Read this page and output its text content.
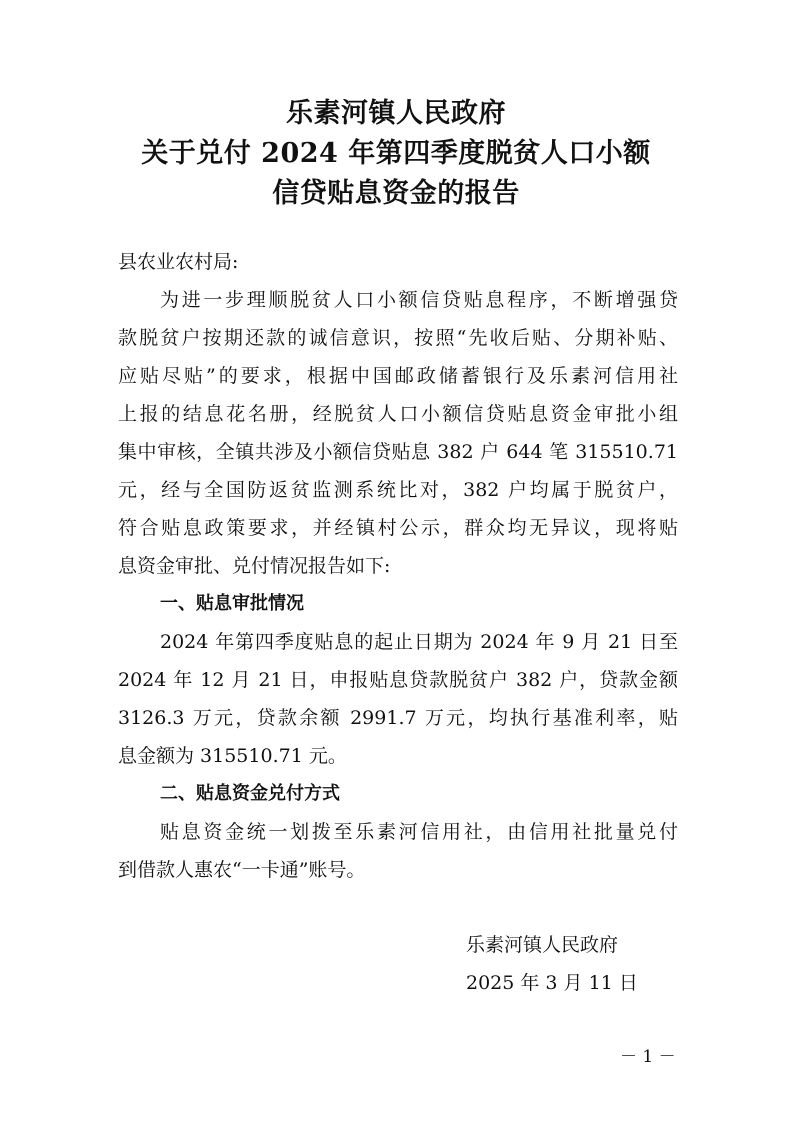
乐素河镇人民政府
关于兑付 2024 年第四季度脱贫人口小额
信贷贴息资金的报告
县农业农村局:
为进一步理顺脱贫人口小额信贷贴息程序，不断增强贷
款脱贫户按期还款的诚信意识，按照“先收后贴、分期补贴、
应贴尽贴”的要求，根据中国邮政储蓄银行及乐素河信用社
上报的结息花名册，经脱贫人口小额信贷贴息资金审批小组
集中审核，全镇共涉及小额信贷贴息 382 户 644 笔 315510.71
元，经与全国防返贫监测系统比对，382 户均属于脱贫户，
符合贴息政策要求，并经镇村公示，群众均无异议，现将贴
息资金审批、兑付情况报告如下:
一、贴息审批情况
2024 年第四季度贴息的起止日期为 2024 年 9 月 21 日至
2024 年 12 月 21 日，申报贴息贷款脱贫户 382 户，贷款金额
3126.3 万元，贷款余额 2991.7 万元，均执行基准利率，贴
息金额为 315510.71 元。
二、贴息资金兑付方式
贴息资金统一划拨至乐素河信用社，由信用社批量兑付
到借款人惠农“一卡通”账号。
乐素河镇人民政府
2025 年 3 月 11 日
－ 1 －
